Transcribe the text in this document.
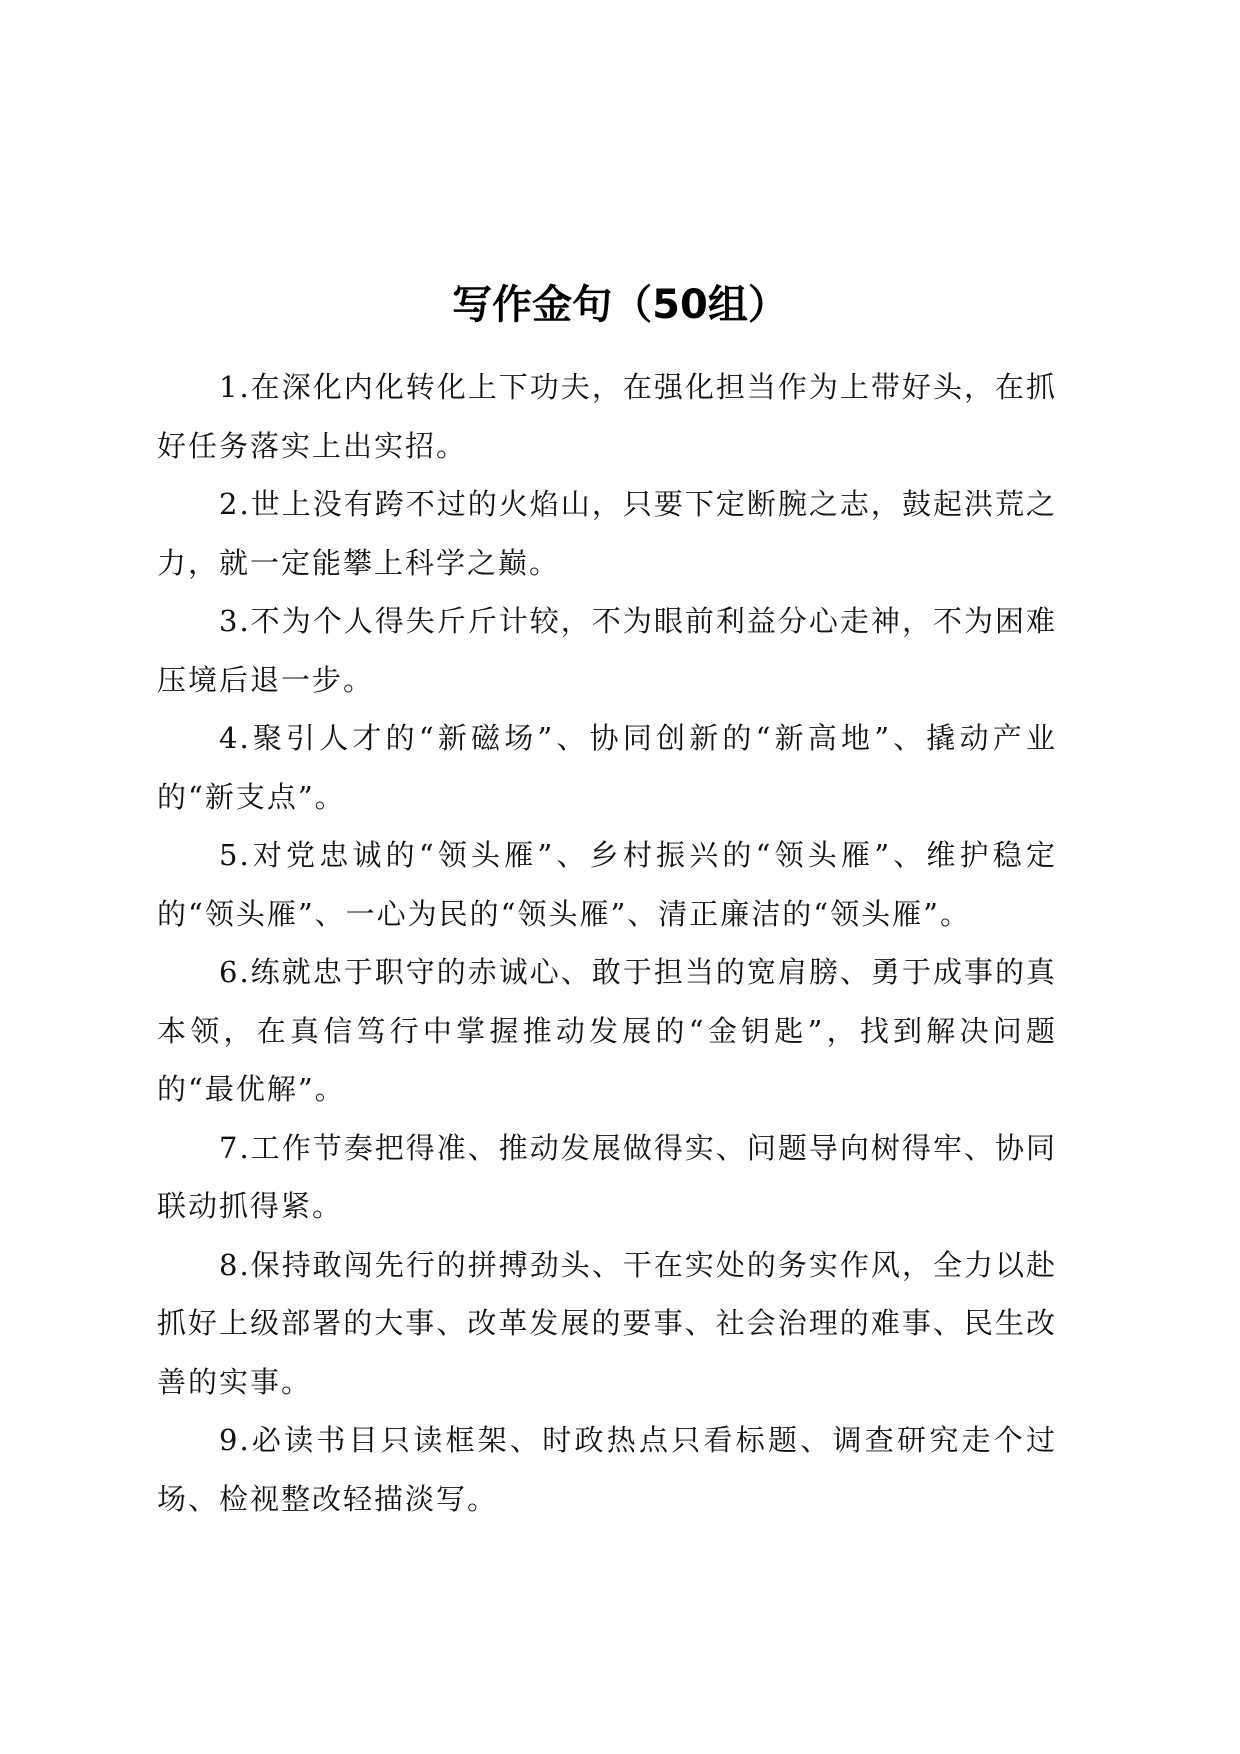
写作金句（50组）

1.在深化内化转化上下功夫，在强化担当作为上带好头，在抓好任务落实上出实招。

2.世上没有跨不过的火焰山，只要下定断腕之志，鼓起洪荒之力，就一定能攀上科学之巅。

3.不为个人得失斤斤计较，不为眼前利益分心走神，不为困难压境后退一步。

4.聚引人才的“新磁场”、协同创新的“新高地”、撬动产业的“新支点”。

5.对党忠诚的“领头雁”、乡村振兴的“领头雁”、维护稳定的“领头雁”、一心为民的“领头雁”、清正廉洁的“领头雁”。

6.练就忠于职守的赤诚心、敢于担当的宽肩膀、勇于成事的真本领，在真信笃行中掌握推动发展的“金钥匙”，找到解决问题的“最优解”。

7.工作节奏把得准、推动发展做得实、问题导向树得牢、协同联动抓得紧。

8.保持敢闯先行的拼搏劲头、干在实处的务实作风，全力以赴抓好上级部署的大事、改革发展的要事、社会治理的难事、民生改善的实事。

9.必读书目只读框架、时政热点只看标题、调查研究走个过场、检视整改轻描淡写。
